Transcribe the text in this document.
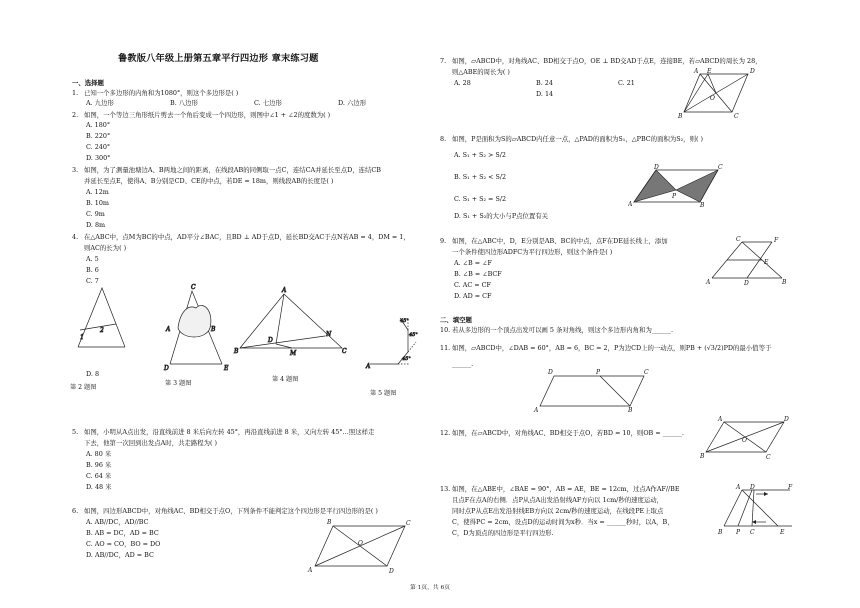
鲁教版八年级上册第五章平行四边形 章末练习题
一、选择题
1. 已知一个多边形的内角和为1080°，则这个多边形是( )
A. 九边形	B. 八边形	C. 七边形	D. 六边形
2. 如图，一个等边三角形纸片剪去一个角后变成一个四边形，则图中∠1 + ∠2的度数为( )
A. 180°
B. 220°
C. 240°
D. 300°
3. 如图，为了测量池塘边A、B两地之间的距离，在线段AB的同侧取一点C，连结CA并延长至点D，连结CB
并延长至点E，使得A、B分别是CD、CE的中点，若DE = 18m，则线段AB的长度是( )
A. 12m
B. 10m
C. 9m
D. 8m
4. 在△ABC中，点M为BC的中点，AD平分∠BAC，且BD ⊥ AD于点D，延长BD交AC于点N若AB = 4，DM = 1，
则AC的长为( )
A. 5
B. 6
C. 7
1
2
C
A	B
D	E
A
B	C
D
M
N
A
45°
45°
45°
D. 8
第 2 题图
第 3 题图
第 4 题图
第 5 题图
5. 如图，小明从A点出发，沿直线前进 8 米后向左转 45°，再沿直线前进 8 米，又向左转 45°…照这样走
下去，他第一次回到出发点A时，共走路程为( )
A. 80 米
B. 96 米
C. 64 米
D. 48 米
6. 如图，四边形ABCD中，对角线AC、BD相交于点O，下列条件不能判定这个四边形是平行四边形的是( )
A. AB//DC，AD//BC
B. AB = DC，AD = BC
C. AO = CO，BO = DO
D. AB//DC，AD = BC
A
B	C
D
O
7. 如图，▱ABCD中，对角线AC、BD相交于点O，OE ⊥ BD交AD于点E，连接BE，若▱ABCD的周长为 28，
则△ABE的周长为( )
A. 28	B. 24	C. 21
D. 14
B
A E	D
C
O
8. 如图，P是面积为S的▱ABCD内任意一点，△PAD的面积为S₁，△PBC的面积为S₂，则( )
A. S₁ + S₂ > S/2
B. S₁ + S₂ < S/2
C. S₁ + S₂ = S/2
D. S₁ + S₂的大小与P点位置有关
A
D	C
B
P
9. 如图，在△ABC中，D，E分别是AB、BC的中点，点F在DE延长线上，添加
一个条件使四边形ADFC为平行四边形，则这个条件是( )
A. ∠B = ∠F
B. ∠B = ∠BCF
C. AC = CF
D. AD = CF
C	F
E
A	D	B
二、填空题
10. 若从多边形的一个顶点出发可以画 5 条对角线，则这个多边形内角和为______.
11. 如图，▱ABCD中，∠DAB = 60°，AB = 6，BC = 2，P为边CD上的一动点，则PB + (√3/2)PD的最小值等于
______.
A
D	P	C
B
12. 如图，在▱ABCD中，对角线AC、BD相交于点O，若BD = 10，则OB = ______.
B
A	D
C
O
13. 如图，在△ABE中，∠BAE = 90°，AB = AE，BE = 12cm，过点A作AF//BE
且点F在点A的右侧．点P从点A出发沿射线AF方向以 1cm/秒的速度运动，
同时点P从点E出发沿射线EB方向以 2cm/秒的速度运动，在线段PE上取点
C，使得PC = 2cm，设点D的运动时间为x秒．当x = ______秒时，以A，B，
C，D为顶点的四边形是平行四边形.
A D	F
B P C	E
第 1页，共 6页
